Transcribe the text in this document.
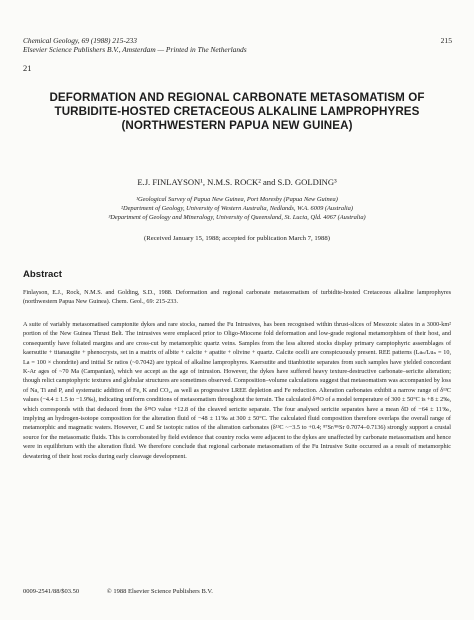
Chemical Geology, 69 (1988) 215-233
Elsevier Science Publishers B.V., Amsterdam — Printed in The Netherlands
215
21
DEFORMATION AND REGIONAL CARBONATE METASOMATISM OF TURBIDITE-HOSTED CRETACEOUS ALKALINE LAMPROPHYRES (NORTHWESTERN PAPUA NEW GUINEA)
E.J. FINLAYSON¹, N.M.S. ROCK² and S.D. GOLDING³
¹Geological Survey of Papua New Guinea, Port Moresby (Papua New Guinea)
²Department of Geology, University of Western Australia, Nedlands, W.A. 6009 (Australia)
³Department of Geology and Mineralogy, University of Queensland, St. Lucia, Qld. 4067 (Australia)
(Received January 15, 1988; accepted for publication March 7, 1988)
Abstract
Finlayson, E.J., Rock, N.M.S. and Golding, S.D., 1988. Deformation and regional carbonate metasomatism of turbidite-hosted Cretaceous alkaline lamprophyres (northwestern Papua New Guinea). Chem. Geol., 69: 215-233.
A suite of variably metasomatised camptonite dykes and rare stocks, named the Fu Intrusives, has been recognised within thrust-slices of Mesozoic slates in a 3000-km² portion of the New Guinea Thrust Belt. The intrusives were emplaced prior to Oligo-Miocene fold deformation and low-grade regional metamorphism of their host, and consequently have foliated margins and are cross-cut by metamorphic quartz veins. Samples from the less altered stocks display primary camptophyric assemblages of kaersutite + titanaugite + phenocrysts, set in a matrix of albite + calcite + apatite + olivine + quartz. Calcite ocelli are conspicuously present. REE patterns (Laₙ/Luₙ = 10, La = 100 × chondrite) and initial Sr ratios (~0.7042) are typical of alkaline lamprophyres. Kaersutite and titanbiotite separates from such samples have yielded concordant K-Ar ages of ~70 Ma (Campanian), which we accept as the age of intrusion. However, the dykes have suffered heavy texture-destructive carbonate–sericite alteration; though relict camptophyric textures and globular structures are sometimes observed. Composition–volume calculations suggest that metasomatism was accompanied by loss of Na, Ti and P, and systematic addition of Fe, K and CO₂, as well as progressive LREE depletion and Fe reduction. Alteration carbonates exhibit a narrow range of δ¹³C values (−4.4 ± 1.5 to −1.9‰), indicating uniform conditions of metasomatism throughout the terrain. The calculated δ¹⁸O of a model temperature of 300 ± 50°C is +8 ± 2‰, which corresponds with that deduced from the δ¹⁸O value +12.8 of the cleaved sericite separate. The four analysed sericite separates have a mean δD of −64 ± 11‰, implying an hydrogen-isotope composition for the alteration fluid of −48 ± 11‰ at 300 ± 50°C. The calculated fluid composition therefore overlaps the overall range of metamorphic and magmatic waters. However, C and Sr isotopic ratios of the alteration carbonates (δ¹³C ~−3.5 to +0.4; ⁸⁷Sr/⁸⁶Sr 0.7074–0.7136) strongly support a crustal source for the metasomatic fluids. This is corroborated by field evidence that country rocks were adjacent to the dykes are unaffected by carbonate metasomatism and hence were in equilibrium with the alteration fluid. We therefore conclude that regional carbonate metasomatism of the Fu Intrusive Suite occurred as a result of metamorphic dewatering of their host rocks during early cleavage development.
0009-2541/88/$03.50	© 1988 Elsevier Science Publishers B.V.
